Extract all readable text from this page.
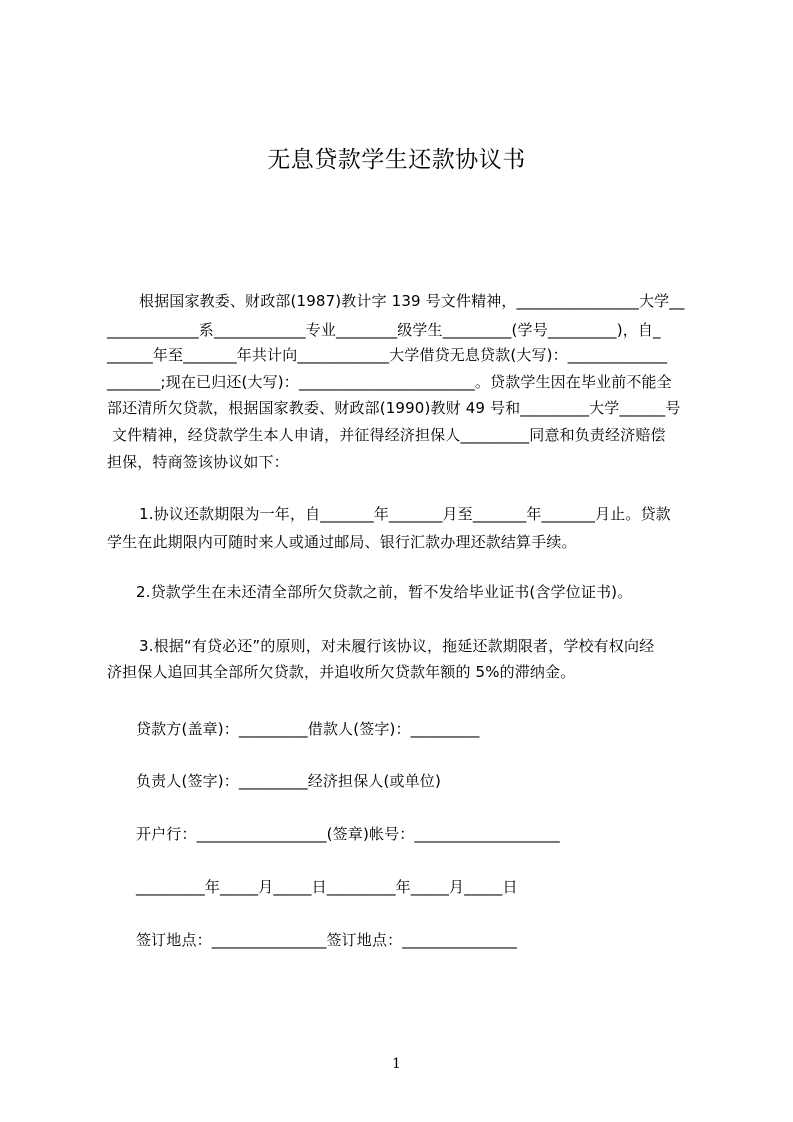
无息贷款学生还款协议书
根据国家教委、财政部(1987)教计字 139 号文件精神，________________大学__
____________系____________专业________级学生_________(学号_________)，自_
______年至_______年共计向____________大学借贷无息贷款(大写)：_____________
_______;现在已归还(大写)：_______________________。贷款学生因在毕业前不能全
部还清所欠贷款，根据国家教委、财政部(1990)教财 49 号和_________大学______号
文件精神，经贷款学生本人申请，并征得经济担保人_________同意和负责经济赔偿
担保，特商签该协议如下：
1.协议还款期限为一年，自_______年_______月至_______年_______月止。贷款
学生在此期限内可随时来人或通过邮局、银行汇款办理还款结算手续。
2.贷款学生在未还清全部所欠贷款之前，暂不发给毕业证书(含学位证书)。
3.根据“有贷必还”的原则，对未履行该协议，拖延还款期限者，学校有权向经
济担保人追回其全部所欠贷款，并追收所欠贷款年额的 5%的滞纳金。
贷款方(盖章)：_________借款人(签字)：_________
负责人(签字)：_________经济担保人(或单位)
开户行：_________________(签章)帐号：___________________
_________年_____月_____日_________年_____月_____日
签订地点：_______________签订地点：_______________
1
